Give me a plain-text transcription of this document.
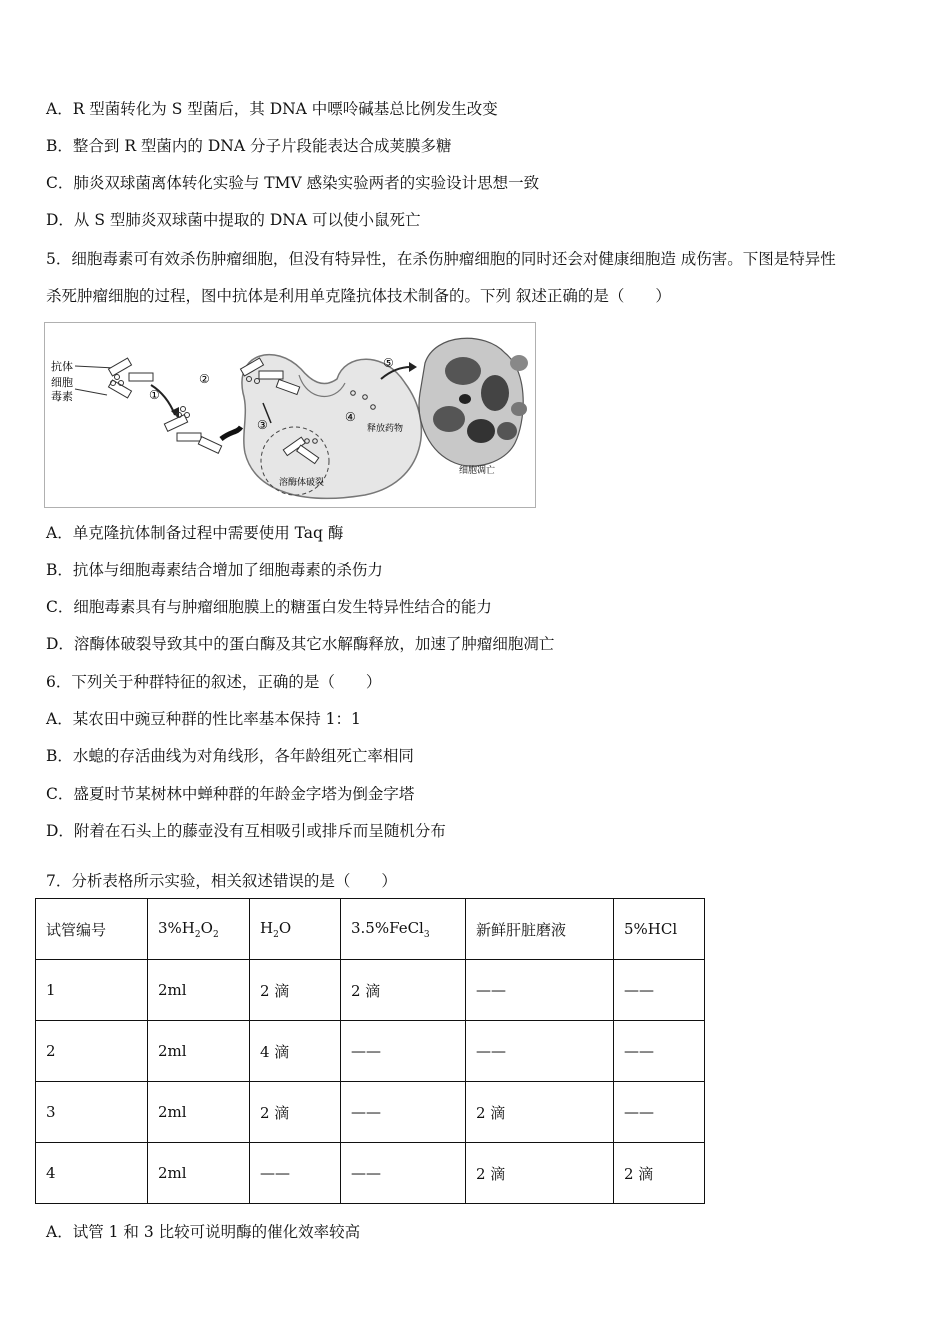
A．R 型菌转化为 S 型菌后，其 DNA 中嘌呤碱基总比例发生改变
B．整合到 R 型菌内的 DNA 分子片段能表达合成荚膜多糖
C．肺炎双球菌离体转化实验与 TMV 感染实验两者的实验设计思想一致
D．从 S 型肺炎双球菌中提取的 DNA 可以使小鼠死亡
5．细胞毒素可有效杀伤肿瘤细胞，但没有特异性，在杀伤肿瘤细胞的同时还会对健康细胞造 成伤害。下图是特异性
杀死肿瘤细胞的过程，图中抗体是利用单克隆抗体技术制备的。下列 叙述正确的是（　　）
抗体
细胞
毒素	①
②
③
溶酶体破裂
④
释放药物
⑤
细胞凋亡
A．单克隆抗体制备过程中需要使用 Taq 酶
B．抗体与细胞毒素结合增加了细胞毒素的杀伤力
C．细胞毒素具有与肿瘤细胞膜上的糖蛋白发生特异性结合的能力
D．溶酶体破裂导致其中的蛋白酶及其它水解酶释放，加速了肿瘤细胞凋亡
6．下列关于种群特征的叙述，正确的是（　　）
A．某农田中豌豆种群的性比率基本保持 1：1
B．水螅的存活曲线为对角线形，各年龄组死亡率相同
C．盛夏时节某树林中蝉种群的年龄金字塔为倒金字塔
D．附着在石头上的藤壶没有互相吸引或排斥而呈随机分布
7．分析表格所示实验，相关叙述错误的是（　　）
试管编号	$3\%H_2O_2$	$H_2O$	3.5%FeCl$_3$	新鲜肝脏磨液	5%HCl
1	2ml	2 滴	2 滴	——	——
2	2ml	4 滴	——	——	——
3	2ml	2 滴	——	2 滴	——
4	2ml	——	——	2 滴	2 滴
A．试管 1 和 3 比较可说明酶的催化效率较高
